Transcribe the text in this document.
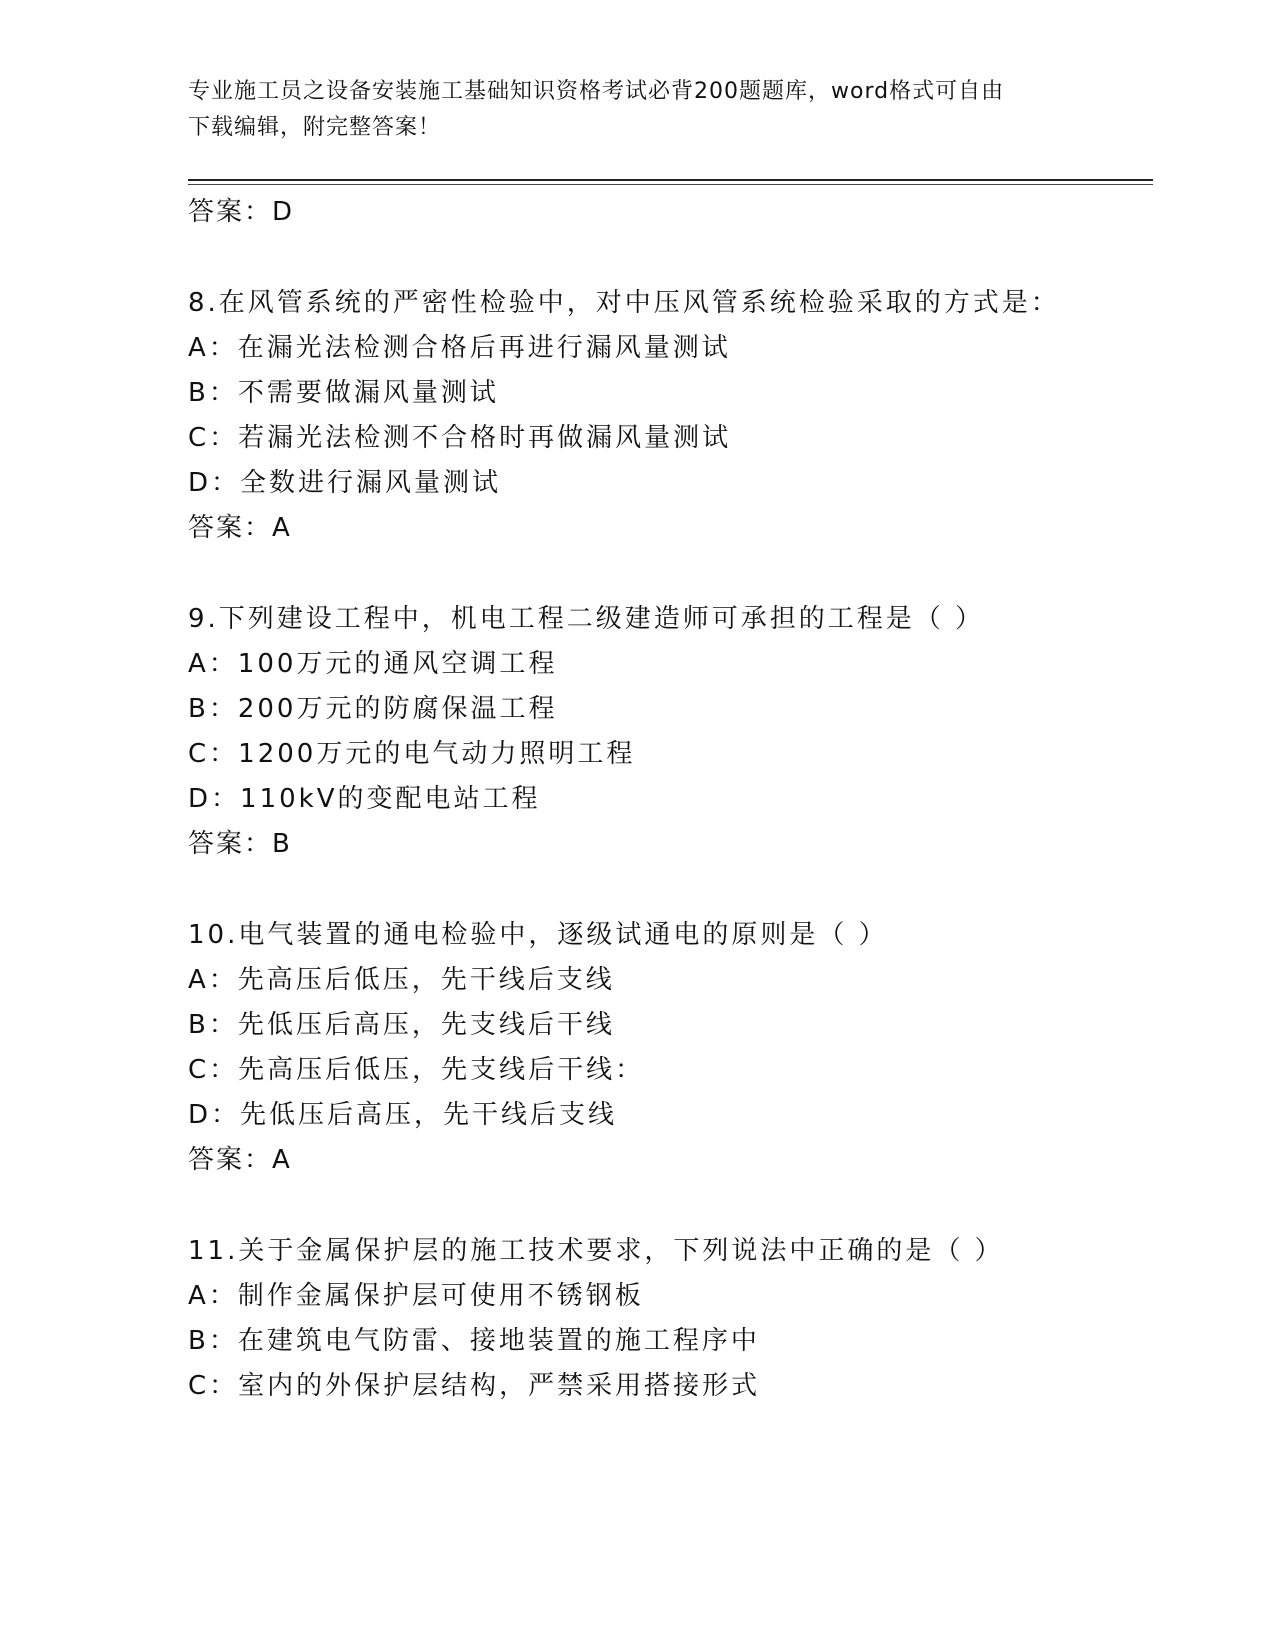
专业施工员之设备安装施工基础知识资格考试必背200题题库，word格式可自由
下载编辑，附完整答案！
答案：D
8.在风管系统的严密性检验中，对中压风管系统检验采取的方式是：
A：在漏光法检测合格后再进行漏风量测试
B：不需要做漏风量测试
C：若漏光法检测不合格时再做漏风量测试
D：全数进行漏风量测试
答案：A
9.下列建设工程中，机电工程二级建造师可承担的工程是（ ）
A：100万元的通风空调工程
B：200万元的防腐保温工程
C：1200万元的电气动力照明工程
D：110kV的变配电站工程
答案：B
10.电气装置的通电检验中，逐级试通电的原则是（ ）
A：先高压后低压，先干线后支线
B：先低压后高压，先支线后干线
C：先高压后低压，先支线后干线：
D：先低压后高压，先干线后支线
答案：A
11.关于金属保护层的施工技术要求，下列说法中正确的是（ ）
A：制作金属保护层可使用不锈钢板
B：在建筑电气防雷、接地装置的施工程序中
C：室内的外保护层结构，严禁采用搭接形式
